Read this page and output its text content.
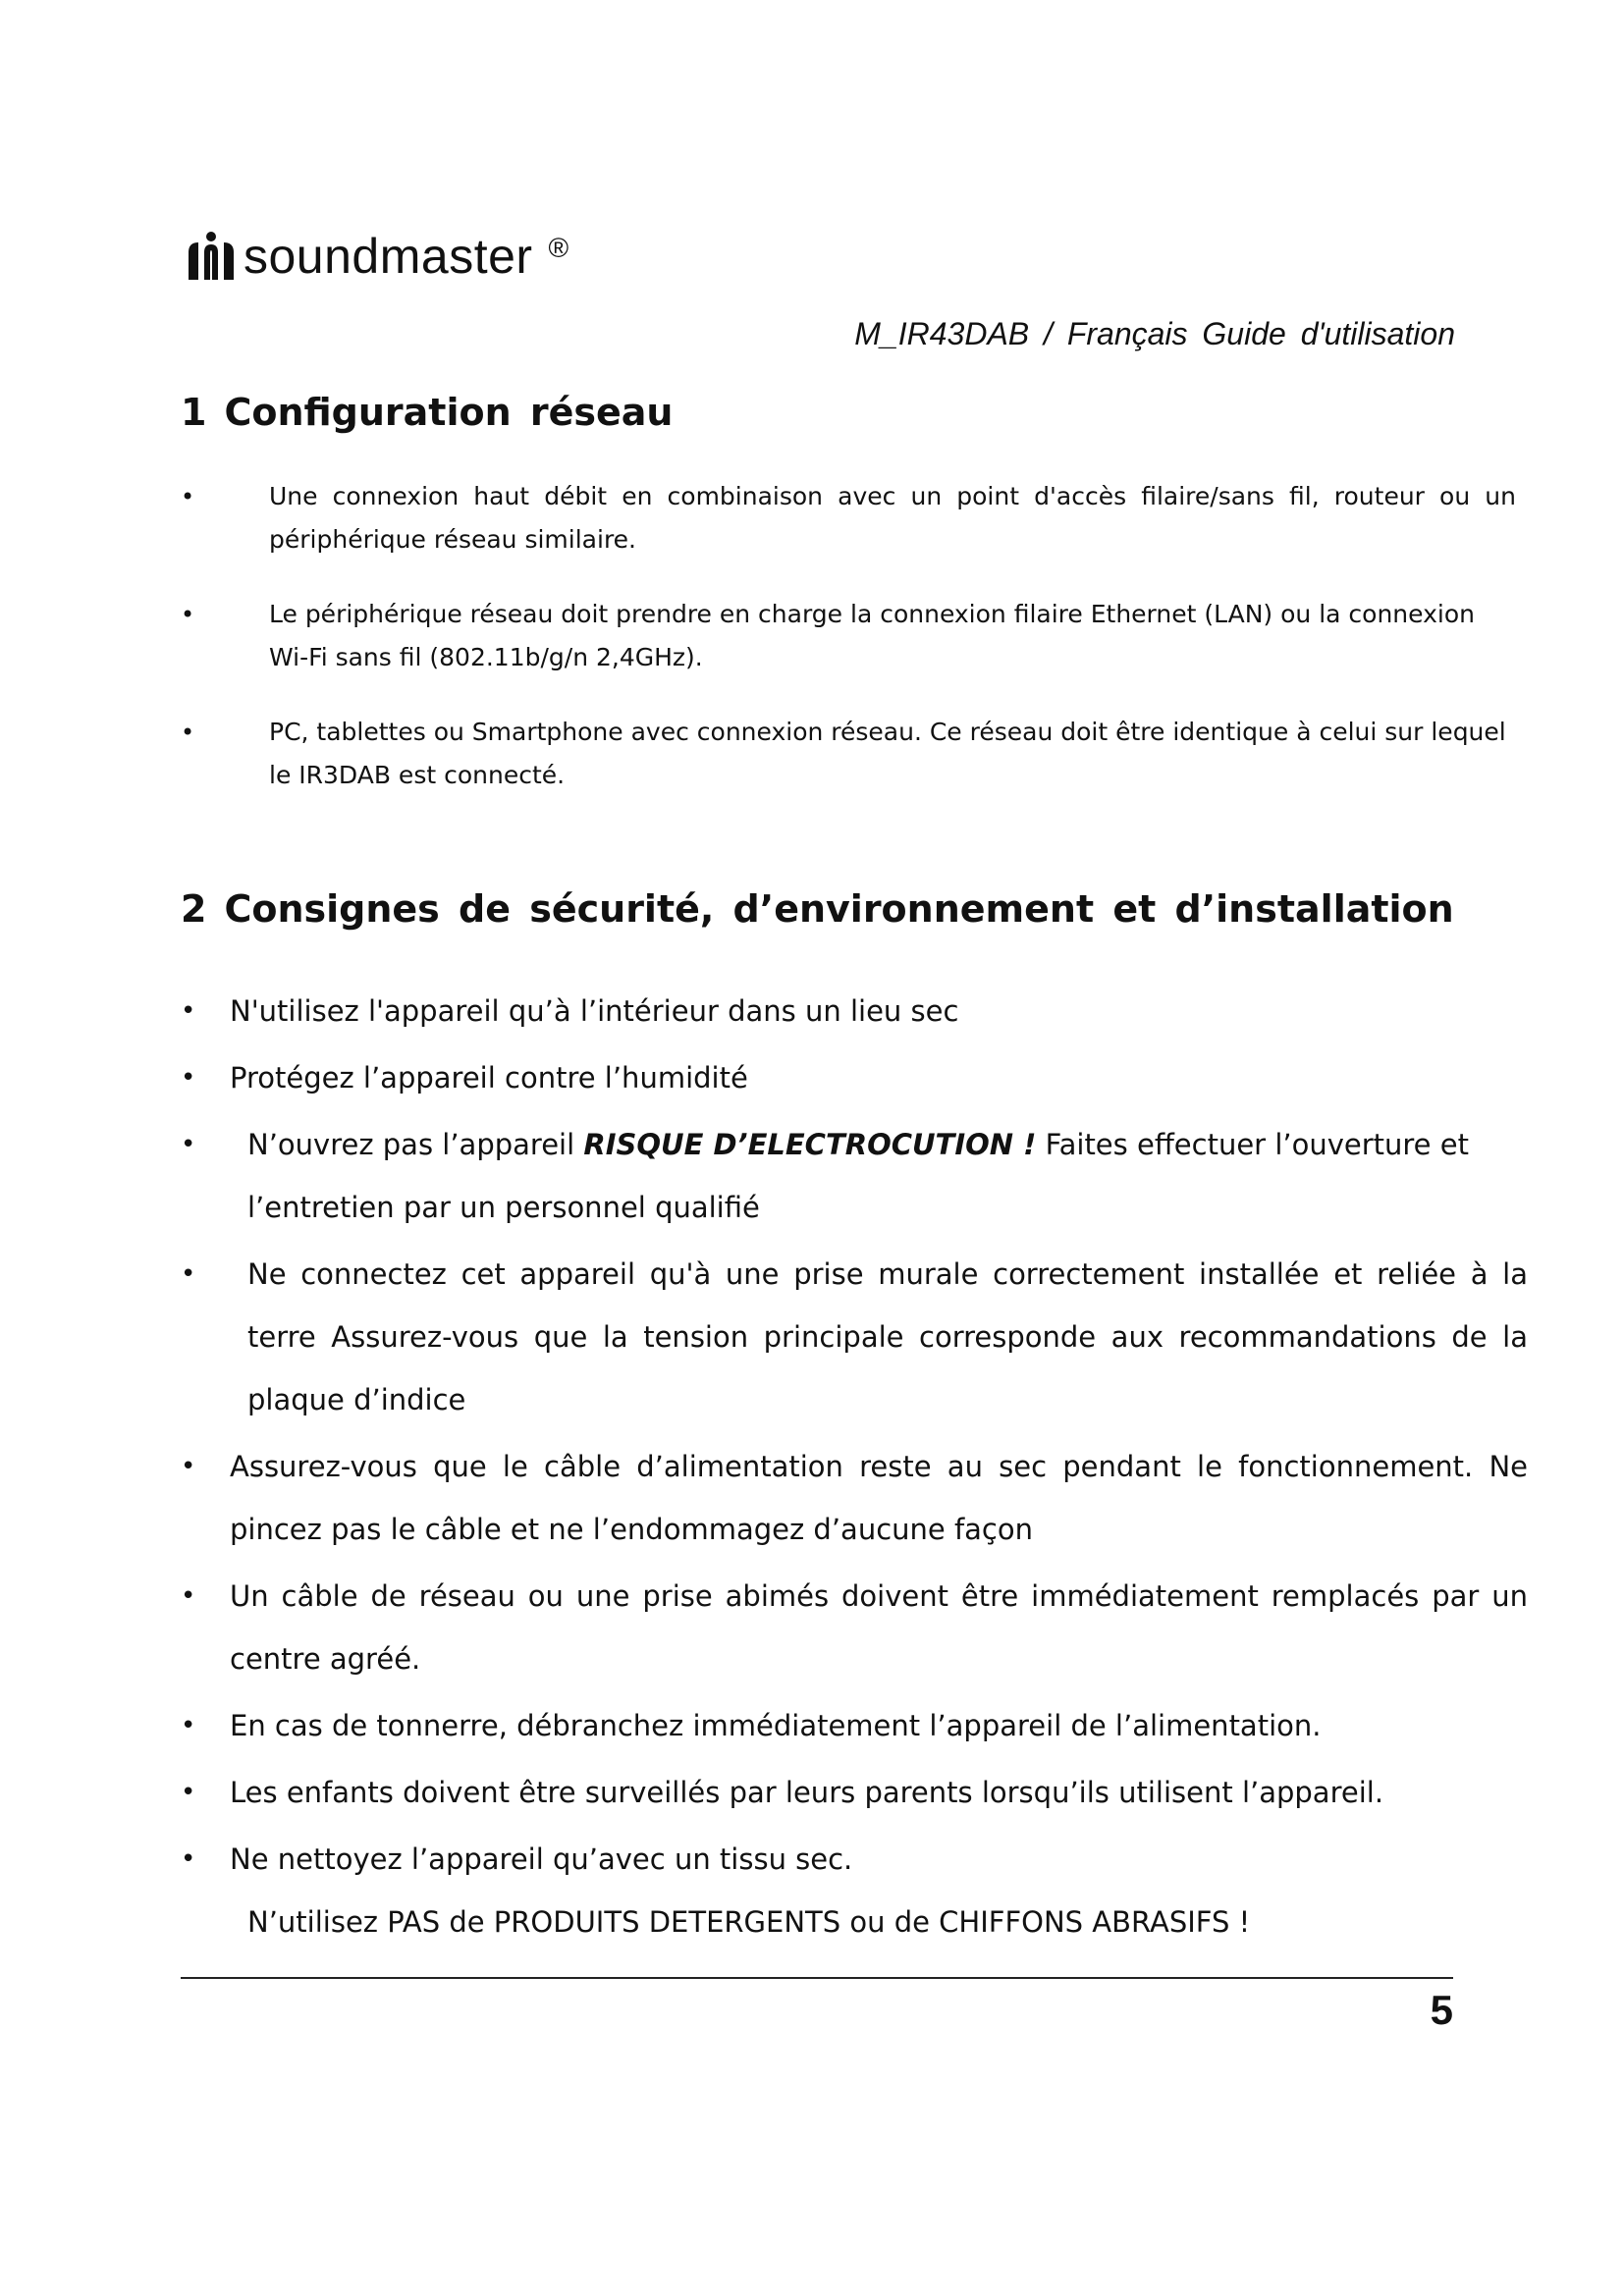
soundmaster ®
M_IR43DAB / Français Guide d'utilisation
1 Configuration réseau
•	Une connexion haut débit en combinaison avec un point d'accès filaire/sans fil, routeur ou un périphérique réseau similaire.
•	Le périphérique réseau doit prendre en charge la connexion filaire Ethernet (LAN) ou la connexion Wi-Fi sans fil (802.11b/g/n 2,4GHz).
•	PC, tablettes ou Smartphone avec connexion réseau. Ce réseau doit être identique à celui sur lequel le IR3DAB est connecté.
2 Consignes de sécurité, d’environnement et d’installation
• N'utilisez l'appareil qu’à l’intérieur dans un lieu sec
• Protégez l’appareil contre l’humidité
•	N’ouvrez pas l’appareil RISQUE D’ELECTROCUTION ! Faites effectuer l’ouverture et l’entretien par un personnel qualifié
•	Ne connectez cet appareil qu'à une prise murale correctement installée et reliée à la terre Assurez-vous que la tension principale corresponde aux recommandations de la plaque d’indice
• Assurez-vous que le câble d’alimentation reste au sec pendant le fonctionnement. Ne pincez pas le câble et ne l’endommagez d’aucune façon
• Un câble de réseau ou une prise abimés doivent être immédiatement remplacés par un centre agréé.
• En cas de tonnerre, débranchez immédiatement l’appareil de l’alimentation.
• Les enfants doivent être surveillés par leurs parents lorsqu’ils utilisent l’appareil.
• Ne nettoyez l’appareil qu’avec un tissu sec.
N’utilisez PAS de PRODUITS DETERGENTS ou de CHIFFONS ABRASIFS !
5
